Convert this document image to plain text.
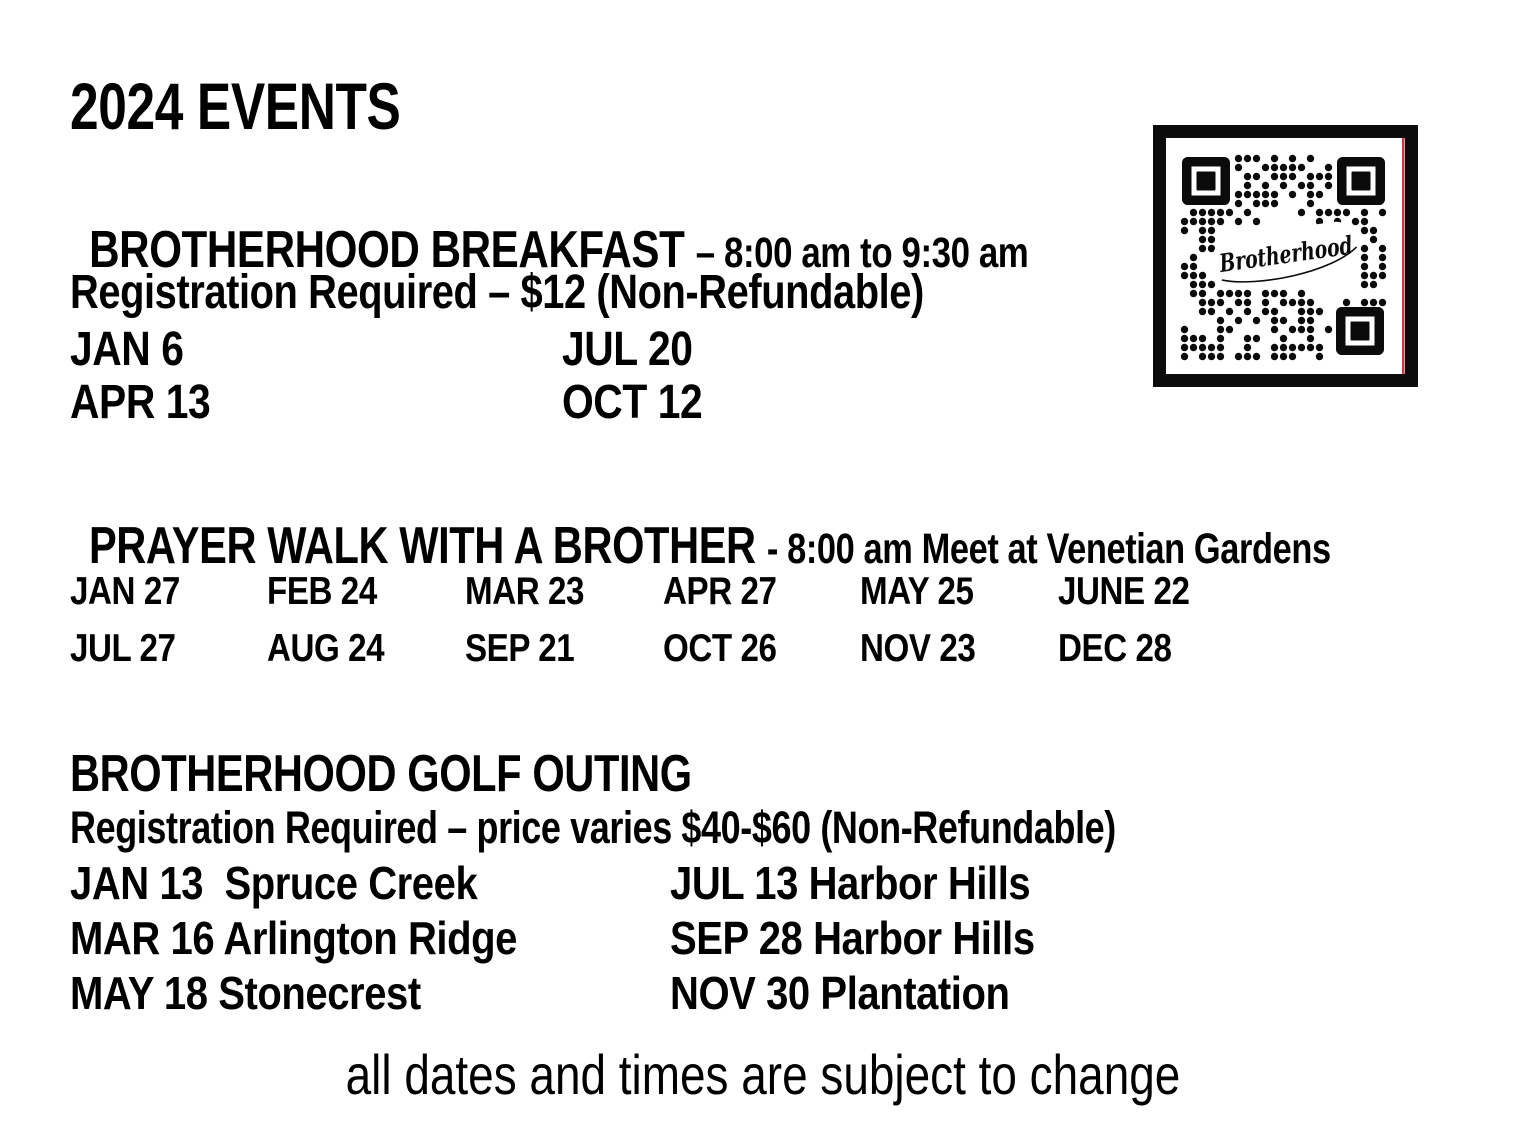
2024 EVENTS
Brotherhood

BROTHERHOOD BREAKFAST – 8:00 am to 9:30 am

Registration Required – $12 (Non-Refundable)
JAN 6	JUL 20
APR 13	OCT 12

PRAYER WALK WITH A BROTHER - 8:00 am Meet at Venetian Gardens

JAN 27	FEB 24	MAR 23	APR 27	MAY 25	JUNE 22
JUL 27	AUG 24	SEP 21	OCT 26	NOV 23	DEC 28
BROTHERHOOD GOLF OUTING
Registration Required – price varies $40-$60 (Non-Refundable)
JAN 13  Spruce Creek	JUL 13 Harbor Hills
MAR 16 Arlington Ridge	SEP 28 Harbor Hills
MAY 18 Stonecrest	NOV 30 Plantation
all dates and times are subject to change
